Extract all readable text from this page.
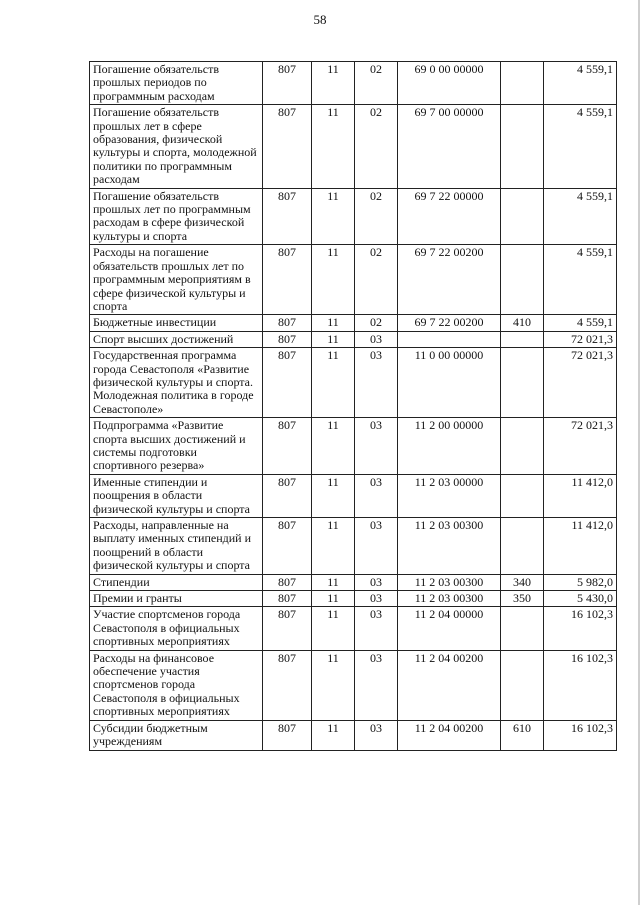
58
Погашение обязательств прошлых периодов по программным расходам	807	11	02	69 0 00 00000		4 559,1
Погашение обязательств прошлых лет в сфере образования, физической культуры и спорта, молодежной политики по программным расходам	807	11	02	69 7 00 00000		4 559,1
Погашение обязательств прошлых лет по программным расходам в сфере физической культуры и спорта	807	11	02	69 7 22 00000		4 559,1
Расходы на погашение обязательств прошлых лет по программным мероприятиям в сфере физической культуры и спорта	807	11	02	69 7 22 00200		4 559,1
Бюджетные инвестиции	807	11	02	69 7 22 00200	410	4 559,1
Спорт высших достижений	807	11	03			72 021,3
Государственная программа города Севастополя «Развитие физической культуры и спорта. Молодежная политика в городе Севастополе»	807	11	03	11 0 00 00000		72 021,3
Подпрограмма «Развитие спорта высших достижений и системы подготовки спортивного резерва»	807	11	03	11 2 00 00000		72 021,3
Именные стипендии и поощрения в области физической культуры и спорта	807	11	03	11 2 03 00000		11 412,0
Расходы, направленные на выплату именных стипендий и поощрений в области физической культуры и спорта	807	11	03	11 2 03 00300		11 412,0
Стипендии	807	11	03	11 2 03 00300	340	5 982,0
Премии и гранты	807	11	03	11 2 03 00300	350	5 430,0
Участие спортсменов города Севастополя в официальных спортивных мероприятиях	807	11	03	11 2 04 00000		16 102,3
Расходы на финансовое обеспечение участия спортсменов города Севастополя в официальных спортивных мероприятиях	807	11	03	11 2 04 00200		16 102,3
Субсидии бюджетным учреждениям	807	11	03	11 2 04 00200	610	16 102,3
